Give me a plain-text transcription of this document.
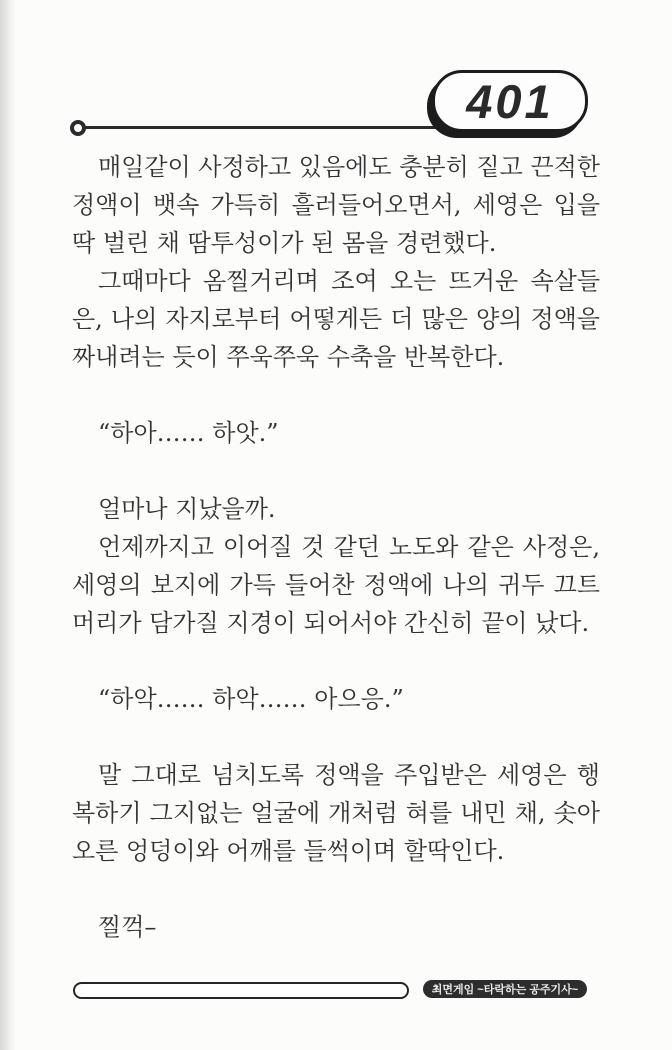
401

매일같이 사정하고 있음에도 충분히 짙고 끈적한 정액이 뱃속 가득히 흘러들어오면서, 세영은 입을 딱 벌린 채 땀투성이가 된 몸을 경련했다.

그때마다 옴찔거리며 조여 오는 뜨거운 속살들은, 나의 자지로부터 어떻게든 더 많은 양의 정액을 짜내려는 듯이 쭈욱쭈욱 수축을 반복한다.

“하아…… 하앗.”

얼마나 지났을까.

언제까지고 이어질 것 같던 노도와 같은 사정은, 세영의 보지에 가득 들어찬 정액에 나의 귀두 끄트머리가 담가질 지경이 되어서야 간신히 끝이 났다.

“하악…… 하악…… 아으응.”

말 그대로 넘치도록 정액을 주입받은 세영은 행복하기 그지없는 얼굴에 개처럼 혀를 내민 채, 솟아오른 엉덩이와 어깨를 들썩이며 할딱인다.

찔꺽–

최면게임 ~타락하는 공주기사~
